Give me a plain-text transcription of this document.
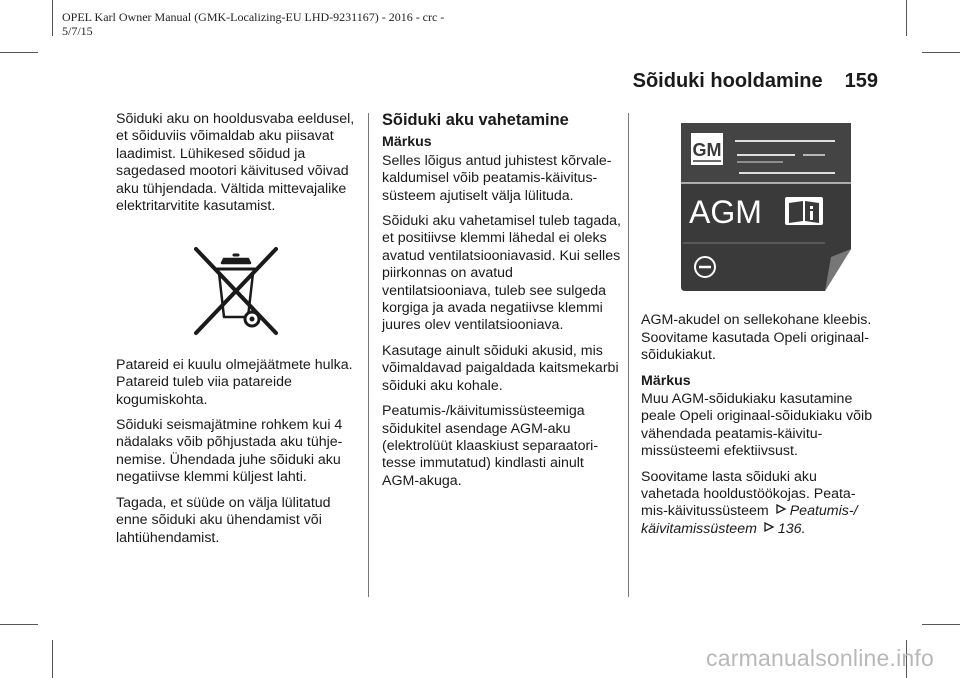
OPEL Karl Owner Manual (GMK-Localizing-EU LHD-9231167) - 2016 - crc -
5/7/15
Sõiduki hooldamine 159

Sõiduki aku on hooldusvaba eeldusel, et sõiduviis võimaldab aku piisavat laadimist. Lühikesed sõidud ja sagedased mootori käivitused võivad aku tühjendada. Vältida mittevajalike elektritarvitite kasutamist.

Patareid ei kuulu olmejäätmete hulka. Patareid tuleb viia patareide kogumiskohta.

Sõiduki seismajätmine rohkem kui 4 nädalaks võib põhjustada aku tühjenemise. Ühendada juhe sõiduki aku negatiivse klemmi küljest lahti.

Tagada, et süüde on välja lülitatud enne sõiduki aku ühendamist või lahtiühendamist.

Sõiduki aku vahetamine
Märkus

Selles lõigus antud juhistest kõrvalekaldumisel võib peatamis-käivitussüsteem ajutiselt välja lülituda.

Sõiduki aku vahetamisel tuleb tagada, et positiivse klemmi lähedal ei oleks avatud ventilatsiooniavasid. Kui selles piirkonnas on avatud ventilatsiooniava, tuleb see sulgeda korgiga ja avada negatiivse klemmi juures olev ventilatsiooniava.

Kasutage ainult sõiduki akusid, mis võimaldavad paigaldada kaitsmekarbi sõiduki aku kohale.

Peatumis-/käivitumissüsteemiga sõidukitel asendage AGM-aku (elektrolüüt klaaskiust separaatoritesse immutatud) kindlasti ainult AGM-akuga.

GM
AGM

AGM-akudel on sellekohane kleebis. Soovitame kasutada Opeli originaal-sõidukiakut.

Märkus

Muu AGM-sõidukiaku kasutamine peale Opeli originaal-sõidukiaku võib vähendada peatamis-käivitumissüsteemi efektiivsust.

Soovitame lasta sõiduki aku vahetada hooldustöökojas. Peatamis-käivitussüsteem Peatumis-/ käivitamissüsteem 136.

carmanualsonline.info
